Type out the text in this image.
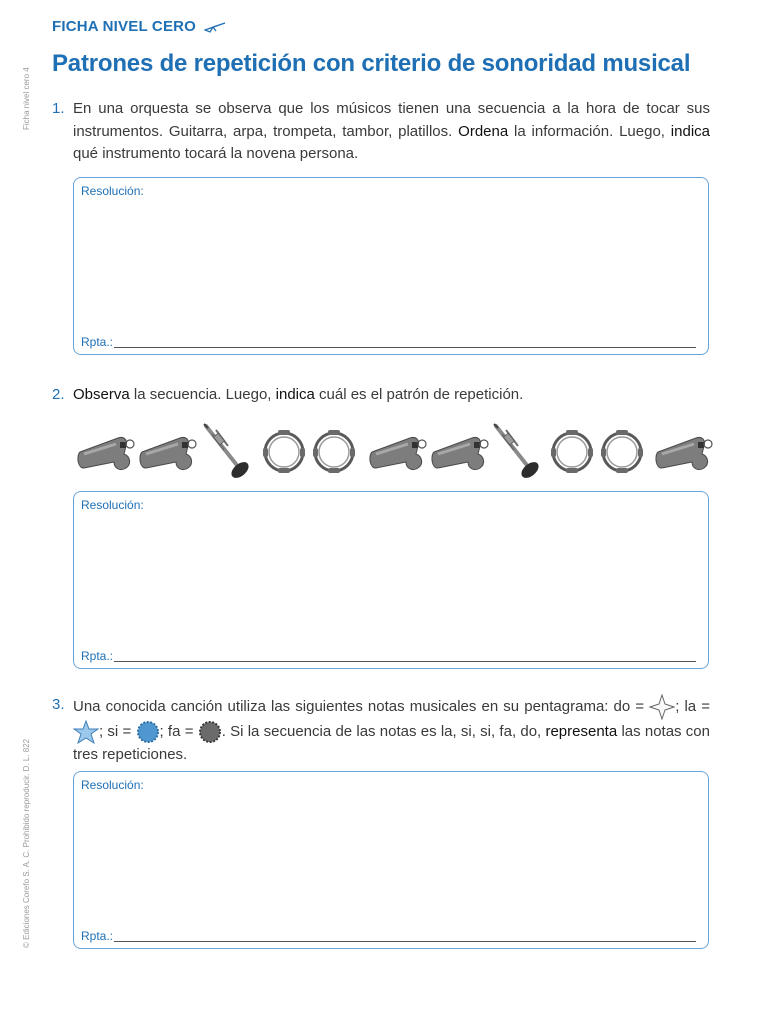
FICHA NIVEL CERO
Patrones de repetición con criterio de sonoridad musical
Ficha nivel cero 4
© Ediciones Corefo S. A. C. Prohibido reproducir. D. L. 822
1. En una orquesta se observa que los músicos tienen una secuencia a la hora de tocar sus instrumentos. Guitarra, arpa, trompeta, tambor, platillos. Ordena la información. Luego, indica qué instrumento tocará la novena persona.
Resolución:
Rpta.:
2. Observa la secuencia. Luego, indica cuál es el patrón de repetición.
Resolución:
Rpta.:
3. Una conocida canción utiliza las siguientes notas musicales en su pentagrama: do = ; la = ; si = ; fa = . Si la secuencia de las notas es la, si, si, fa, do, representa las notas con tres repeticiones.
Resolución:
Rpta.:
